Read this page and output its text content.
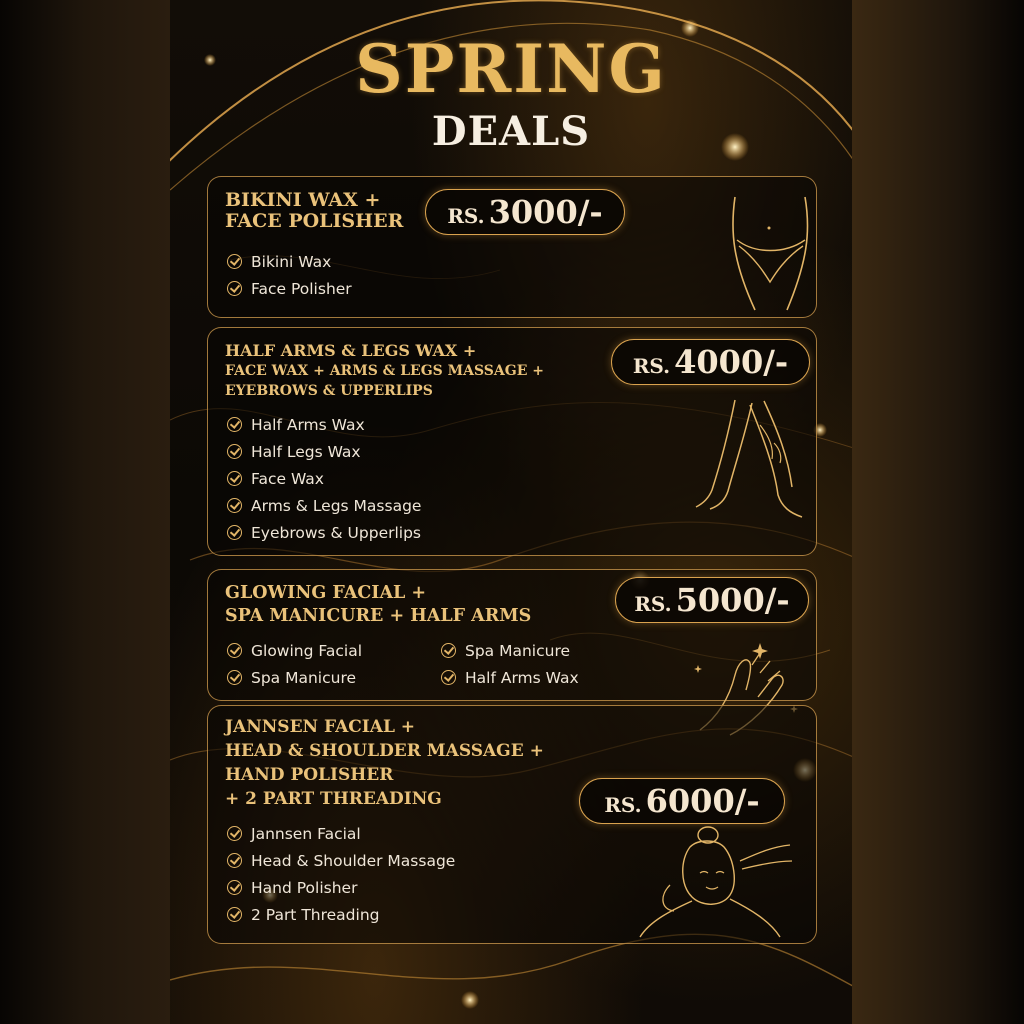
SPRING
DEALS
BIKINI WAX +
FACE POLISHER RS. 3000/-
Bikini Wax
Face Polisher
HALF ARMS & LEGS WAX +
FACE WAX + ARMS & LEGS MASSAGE +
EYEBROWS & UPPERLIPS
RS. 4000/-
Half Arms Wax
Half Legs Wax
Face Wax
Arms & Legs Massage
Eyebrows & Upperlips
GLOWING FACIAL +
SPA MANICURE + HALF ARMS	RS. 5000/-
Glowing Facial
Spa Manicure
Spa Manicure
Half Arms Wax
JANNSEN FACIAL +
HEAD & SHOULDER MASSAGE +
HAND POLISHER
+ 2 PART THREADING	RS. 6000/-
Jannsen Facial
Head & Shoulder Massage
Hand Polisher
2 Part Threading
